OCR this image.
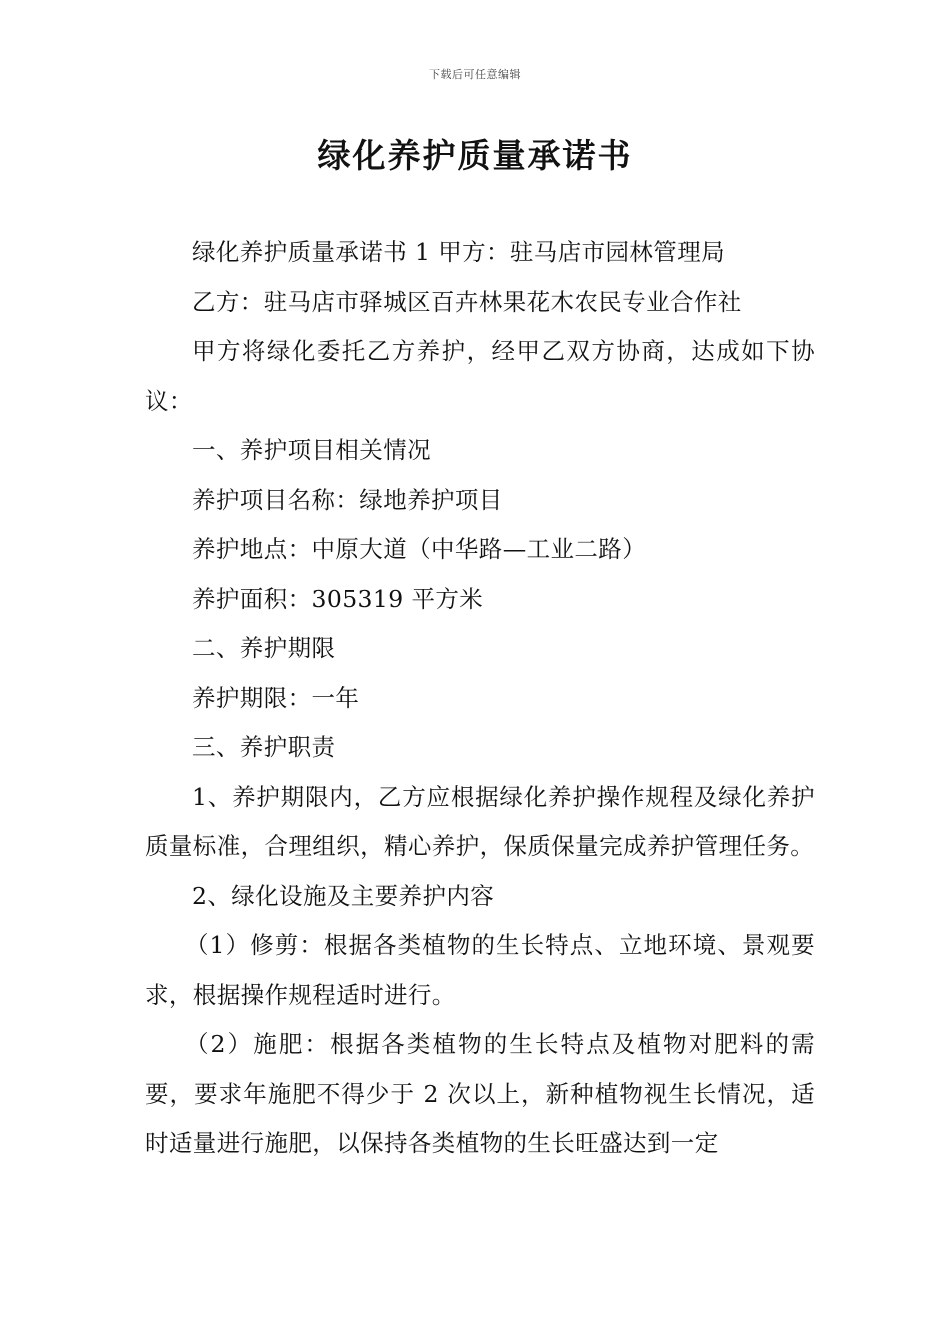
下载后可任意编辑
绿化养护质量承诺书

绿化养护质量承诺书 1 甲方：驻马店市园林管理局

乙方：驻马店市驿城区百卉林果花木农民专业合作社

甲方将绿化委托乙方养护，经甲乙双方协商，达成如下协议：

一、养护项目相关情况

养护项目名称：绿地养护项目

养护地点：中原大道（中华路—工业二路）

养护面积：305319 平方米

二、养护期限

养护期限：一年

三、养护职责

1、养护期限内，乙方应根据绿化养护操作规程及绿化养护质量标准，合理组织，精心养护，保质保量完成养护管理任务。

2、绿化设施及主要养护内容

（1）修剪：根据各类植物的生长特点、立地环境、景观要求，根据操作规程适时进行。

（2）施肥：根据各类植物的生长特点及植物对肥料的需要，要求年施肥不得少于 2 次以上，新种植物视生长情况，适时适量进行施肥，以保持各类植物的生长旺盛达到一定
